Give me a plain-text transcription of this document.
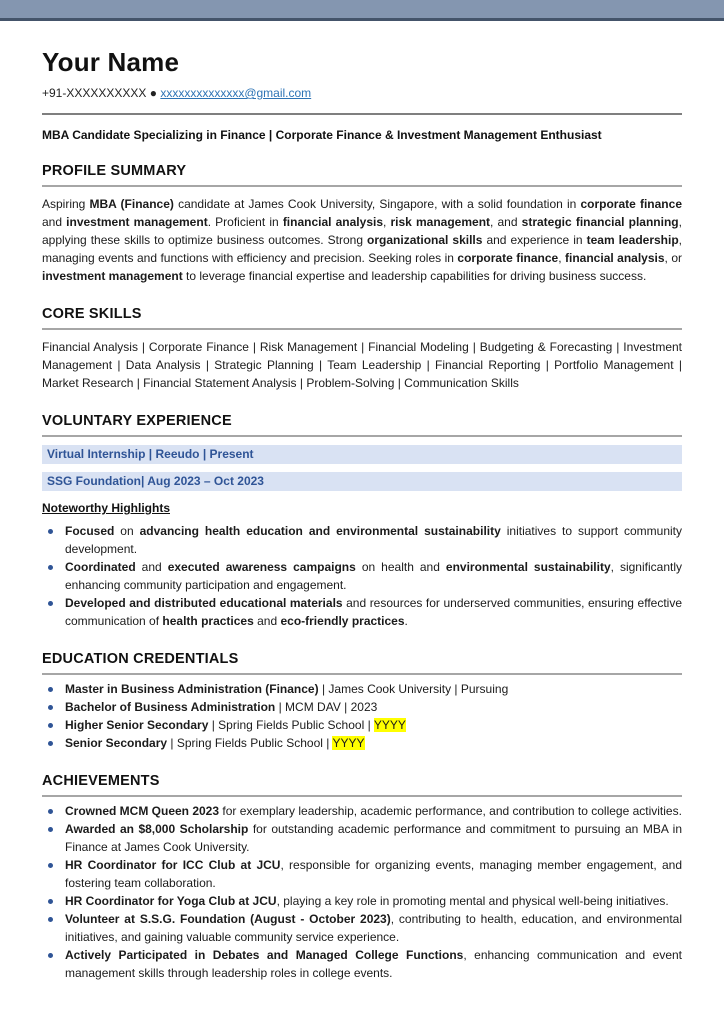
Your Name
+91-XXXXXXXXXX ● xxxxxxxxxxxxxx@gmail.com
MBA Candidate Specializing in Finance | Corporate Finance & Investment Management Enthusiast
PROFILE SUMMARY
Aspiring MBA (Finance) candidate at James Cook University, Singapore, with a solid foundation in corporate finance and investment management. Proficient in financial analysis, risk management, and strategic financial planning, applying these skills to optimize business outcomes. Strong organizational skills and experience in team leadership, managing events and functions with efficiency and precision. Seeking roles in corporate finance, financial analysis, or investment management to leverage financial expertise and leadership capabilities for driving business success.
CORE SKILLS
Financial Analysis | Corporate Finance | Risk Management | Financial Modeling | Budgeting & Forecasting | Investment Management | Data Analysis | Strategic Planning | Team Leadership | Financial Reporting | Portfolio Management | Market Research | Financial Statement Analysis | Problem-Solving | Communication Skills
VOLUNTARY EXPERIENCE
Virtual Internship | Reeudo | Present
SSG Foundation| Aug 2023 – Oct 2023
Noteworthy Highlights
Focused on advancing health education and environmental sustainability initiatives to support community development.
Coordinated and executed awareness campaigns on health and environmental sustainability, significantly enhancing community participation and engagement.
Developed and distributed educational materials and resources for underserved communities, ensuring effective communication of health practices and eco-friendly practices.
EDUCATION CREDENTIALS
Master in Business Administration (Finance) | James Cook University | Pursuing
Bachelor of Business Administration | MCM DAV | 2023
Higher Senior Secondary | Spring Fields Public School | YYYY
Senior Secondary | Spring Fields Public School | YYYY
ACHIEVEMENTS
Crowned MCM Queen 2023 for exemplary leadership, academic performance, and contribution to college activities.
Awarded an $8,000 Scholarship for outstanding academic performance and commitment to pursuing an MBA in Finance at James Cook University.
HR Coordinator for ICC Club at JCU, responsible for organizing events, managing member engagement, and fostering team collaboration.
HR Coordinator for Yoga Club at JCU, playing a key role in promoting mental and physical well-being initiatives.
Volunteer at S.S.G. Foundation (August - October 2023), contributing to health, education, and environmental initiatives, and gaining valuable community service experience.
Actively Participated in Debates and Managed College Functions, enhancing communication and event management skills through leadership roles in college events.
